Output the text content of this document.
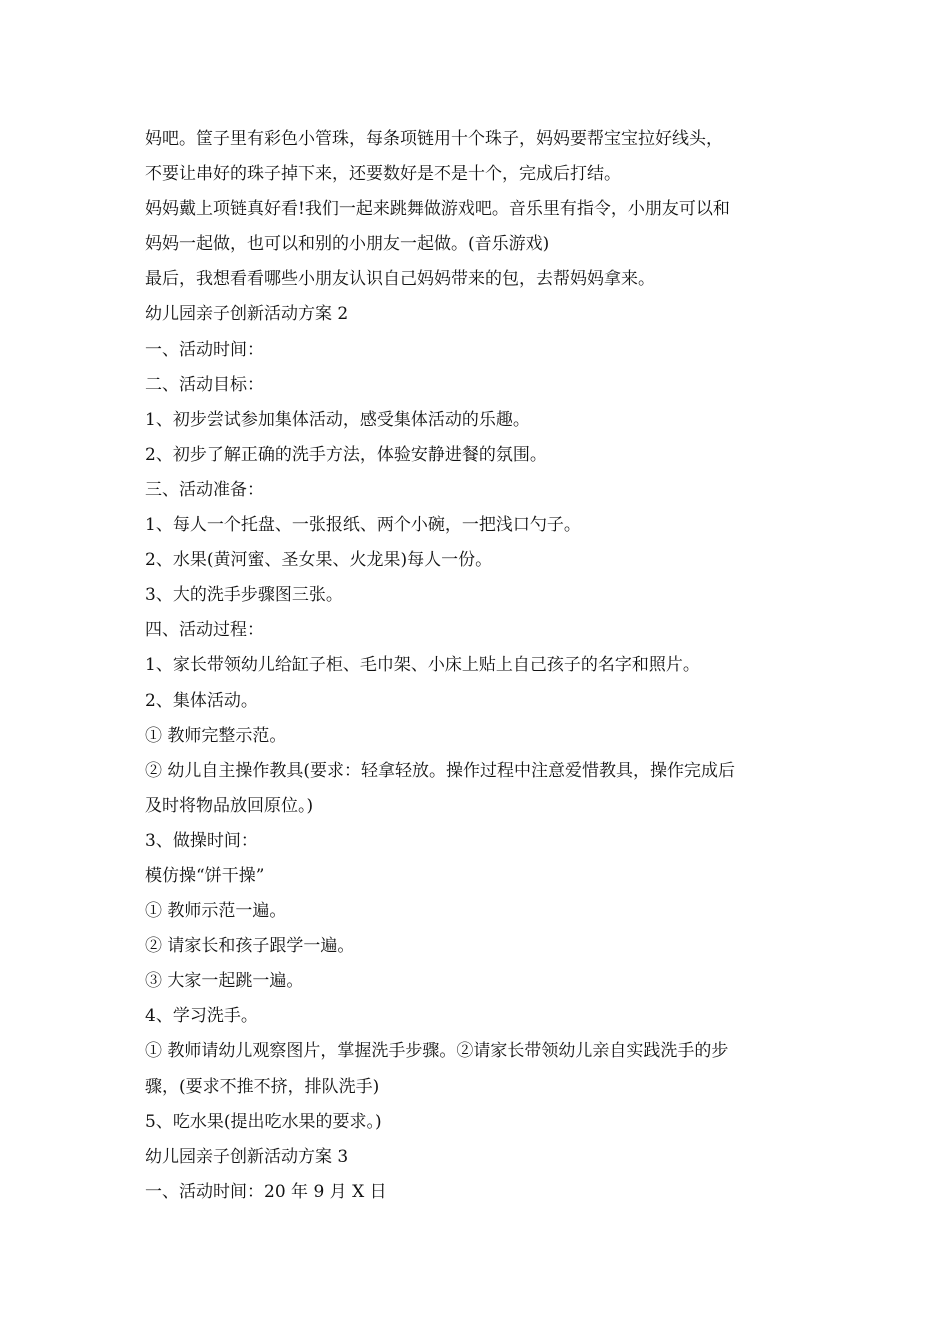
妈吧。筐子里有彩色小管珠，每条项链用十个珠子，妈妈要帮宝宝拉好线头，
不要让串好的珠子掉下来，还要数好是不是十个，完成后打结。
妈妈戴上项链真好看!我们一起来跳舞做游戏吧。音乐里有指令，小朋友可以和
妈妈一起做，也可以和别的小朋友一起做。(音乐游戏)
最后，我想看看哪些小朋友认识自己妈妈带来的包，去帮妈妈拿来。
幼儿园亲子创新活动方案 2
一、活动时间：
二、活动目标：
1、初步尝试参加集体活动，感受集体活动的乐趣。
2、初步了解正确的洗手方法，体验安静进餐的氛围。
三、活动准备：
1、每人一个托盘、一张报纸、两个小碗，一把浅口勺子。
2、水果(黄河蜜、圣女果、火龙果)每人一份。
3、大的洗手步骤图三张。
四、活动过程：
1、家长带领幼儿给缸子柜、毛巾架、小床上贴上自己孩子的名字和照片。
2、集体活动。
① 教师完整示范。
② 幼儿自主操作教具(要求：轻拿轻放。操作过程中注意爱惜教具，操作完成后
及时将物品放回原位。)
3、做操时间：
模仿操“饼干操”
① 教师示范一遍。
② 请家长和孩子跟学一遍。
③ 大家一起跳一遍。
4、学习洗手。
① 教师请幼儿观察图片，掌握洗手步骤。②请家长带领幼儿亲自实践洗手的步
骤，(要求不推不挤，排队洗手)
5、吃水果(提出吃水果的要求。)
幼儿园亲子创新活动方案 3
一、活动时间：20 年 9 月 X 日
